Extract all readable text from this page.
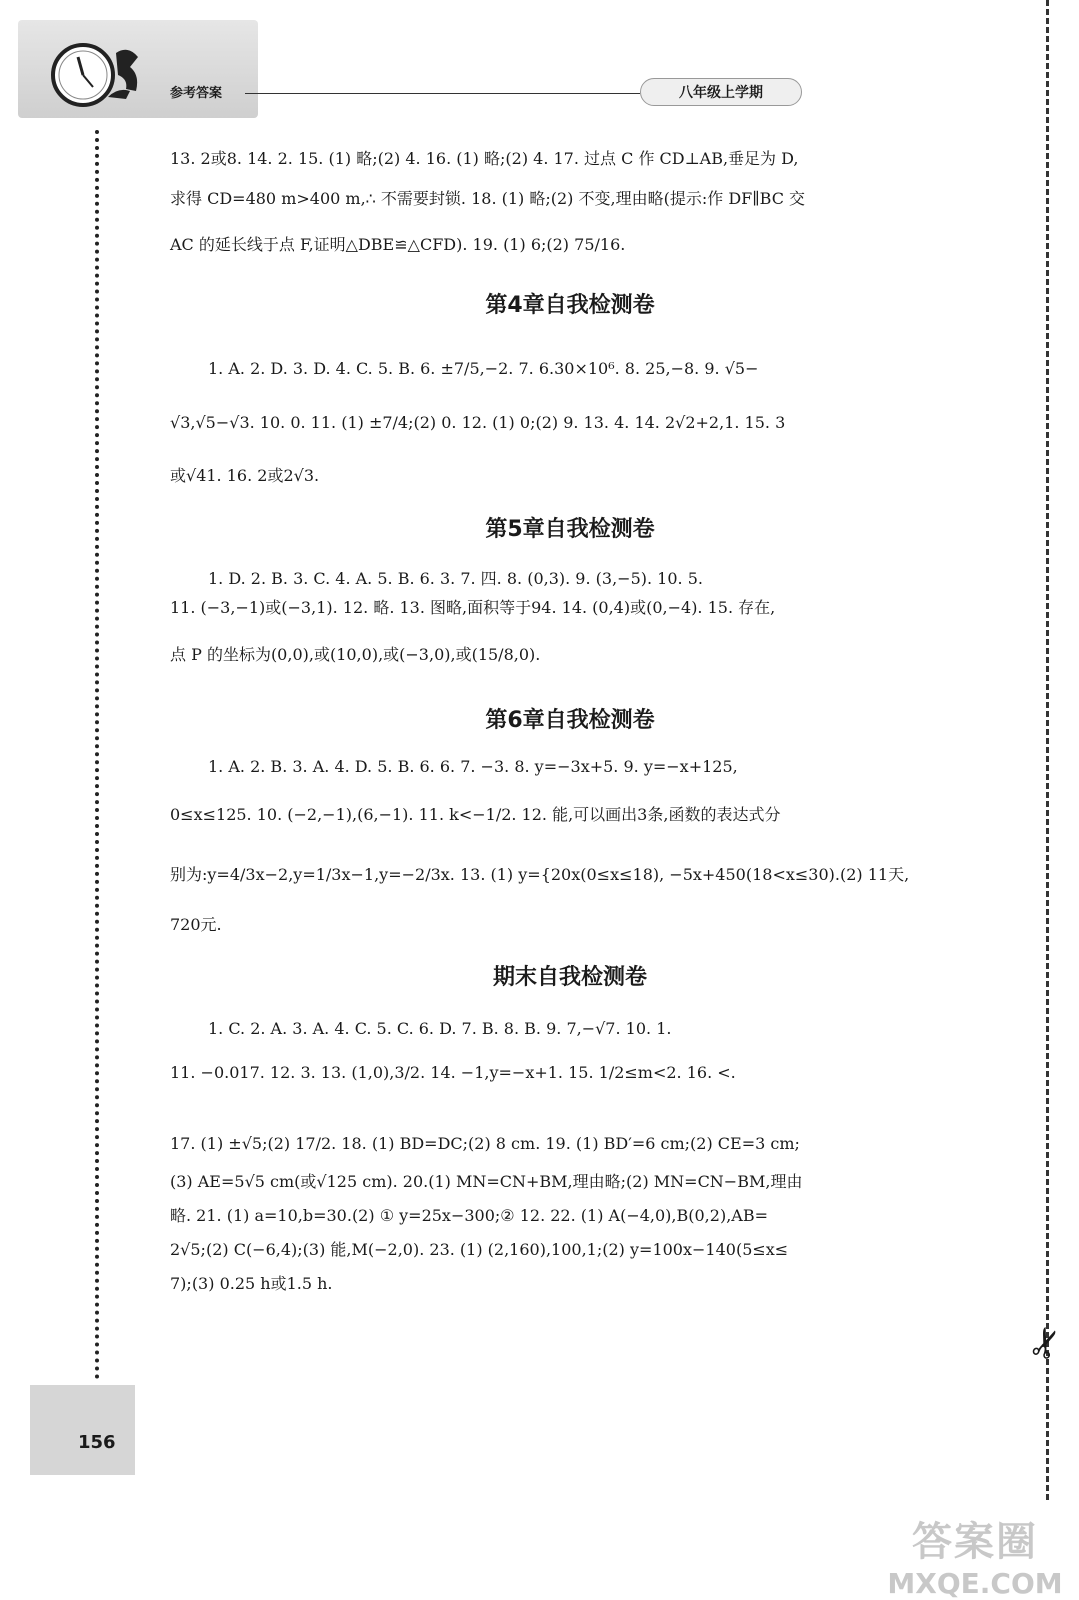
参考答案	八年级上学期
✂
13. 2或8. 14. 2. 15. (1) 略;(2) 4. 16. (1) 略;(2) 4. 17. 过点 C 作 CD⊥AB,垂足为 D,
求得 CD=480 m>400 m,∴ 不需要封锁. 18. (1) 略;(2) 不变,理由略(提示:作 DF∥BC 交
AC 的延长线于点 F,证明△DBE≌△CFD). 19. (1) 6;(2) 75/16.
第4章自我检测卷
1. A. 2. D. 3. D. 4. C. 5. B. 6. ±7/5,−2. 7. 6.30×10⁶. 8. 25,−8. 9. √5−
√3,√5−√3. 10. 0. 11. (1) ±7/4;(2) 0. 12. (1) 0;(2) 9. 13. 4. 14. 2√2+2,1. 15. 3
或√41. 16. 2或2√3.
第5章自我检测卷
1. D. 2. B. 3. C. 4. A. 5. B. 6. 3. 7. 四. 8. (0,3). 9. (3,−5). 10. 5.
11. (−3,−1)或(−3,1). 12. 略. 13. 图略,面积等于94. 14. (0,4)或(0,−4). 15. 存在,
点 P 的坐标为(0,0),或(10,0),或(−3,0),或(15/8,0).
第6章自我检测卷
1. A. 2. B. 3. A. 4. D. 5. B. 6. 6. 7. −3. 8. y=−3x+5. 9. y=−x+125,
0≤x≤125. 10. (−2,−1),(6,−1). 11. k<−1/2. 12. 能,可以画出3条,函数的表达式分
别为:y=4/3x−2,y=1/3x−1,y=−2/3x. 13. (1) y={20x(0≤x≤18), −5x+450(18<x≤30).(2) 11天,
720元.
期末自我检测卷
1. C. 2. A. 3. A. 4. C. 5. C. 6. D. 7. B. 8. B. 9. 7,−√7. 10. 1.
11. −0.017. 12. 3. 13. (1,0),3/2. 14. −1,y=−x+1. 15. 1/2≤m<2. 16. <.
17. (1) ±√5;(2) 17/2. 18. (1) BD=DC;(2) 8 cm. 19. (1) BD′=6 cm;(2) CE=3 cm;
(3) AE=5√5 cm(或√125 cm). 20.(1) MN=CN+BM,理由略;(2) MN=CN−BM,理由
略. 21. (1) a=10,b=30.(2) ① y=25x−300;② 12. 22. (1) A(−4,0),B(0,2),AB=
2√5;(2) C(−6,4);(3) 能,M(−2,0). 23. (1) (2,160),100,1;(2) y=100x−140(5≤x≤
7);(3) 0.25 h或1.5 h.
156
答案圈
MXQE.COM
